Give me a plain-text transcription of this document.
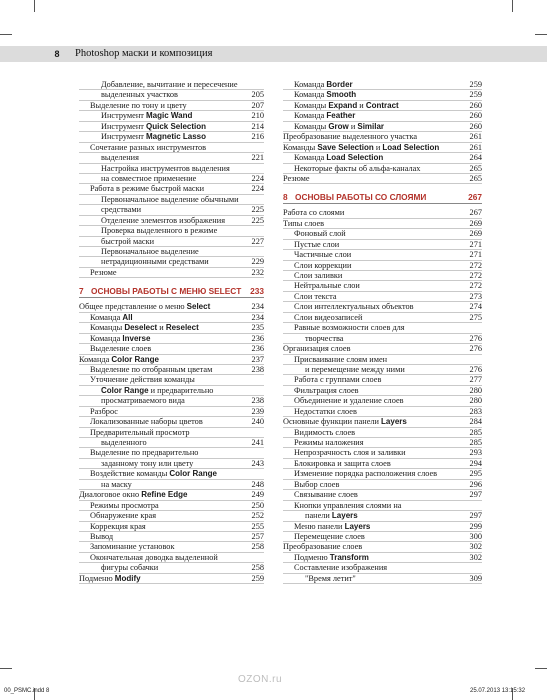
8	Photoshop маски и композиция
Добавление, вычитание и пересечение
выделенных участков	205
Выделение по тону и цвету	207
Инструмент Magic Wand	210
Инструмент Quick Selection	214
Инструмент Magnetic Lasso	216
Сочетание разных инструментов
выделения	221
Настройка инструментов выделения
на совместное применение	224
Работа в режиме быстрой маски	224
Первоначальное выделение обычными
средствами	225
Отделение элементов изображения	225
Проверка выделенного в режиме
быстрой маски	227
Первоначальное выделение
нетрадиционными средствами	229
Резюме	232
7 ОСНОВЫ РАБОТЫ С МЕНЮ SELECT 233
Общее представление о меню Select	234
Команда All	234
Команды Deselect и Reselect	235
Команда Inverse	236
Выделение слоев	236
Команда Color Range	237
Выделение по отобранным цветам	238
Уточнение действия команды
Color Range и предварительно
просматриваемого вида	238
Разброс	239
Локализованные наборы цветов	240
Предварительный просмотр
выделенного	241
Выделение по предварительно
заданному тону или цвету	243
Воздействие команды Color Range
на маску	248
Диалоговое окно Refine Edge	249
Режимы просмотра	250
Обнаружение края	252
Коррекция края	255
Вывод	257
Запоминание установок	258
Окончательная доводка выделенной
фигуры собачки	258
Подменю Modify	259
Команда Border	259
Команда Smooth	259
Команды Expand и Contract	260
Команда Feather	260
Команды Grow и Similar	260
Преобразование выделенного участка	261
Команды Save Selection и Load Selection	261
Команда Load Selection	264
Некоторые факты об альфа-каналах	265
Резюме	265
8 ОСНОВЫ РАБОТЫ СО СЛОЯМИ	267
Работа со слоями	267
Типы слоев	269
Фоновый слой	269
Пустые слои	271
Частичные слои	271
Слои коррекции	272
Слои заливки	272
Нейтральные слои	272
Слои текста	273
Слои интеллектуальных объектов	274
Слои видеозаписей	275
Равные возможности слоев для
творчества	276
Организация слоев	276
Присваивание слоям имен
и перемещение между ними	276
Работа с группами слоев	277
Фильтрация слоев	280
Объединение и удаление слоев	280
Недостатки слоев	283
Основные функции панели Layers	284
Видимость слоев	285
Режимы наложения	285
Непрозрачность слоя и заливки	293
Блокировка и защита слоев	294
Изменение порядка расположения слоев	295
Выбор слоев	296
Связывание слоев	297
Кнопки управления слоями на
панели Layers	297
Меню панели Layers	299
Перемещение слоев	300
Преобразование слоев	302
Подменю Transform	302
Составление изображения
"Время летит"	309
OZON.ru
00_PSMC.indd 8	25.07.2013 13:15:32
